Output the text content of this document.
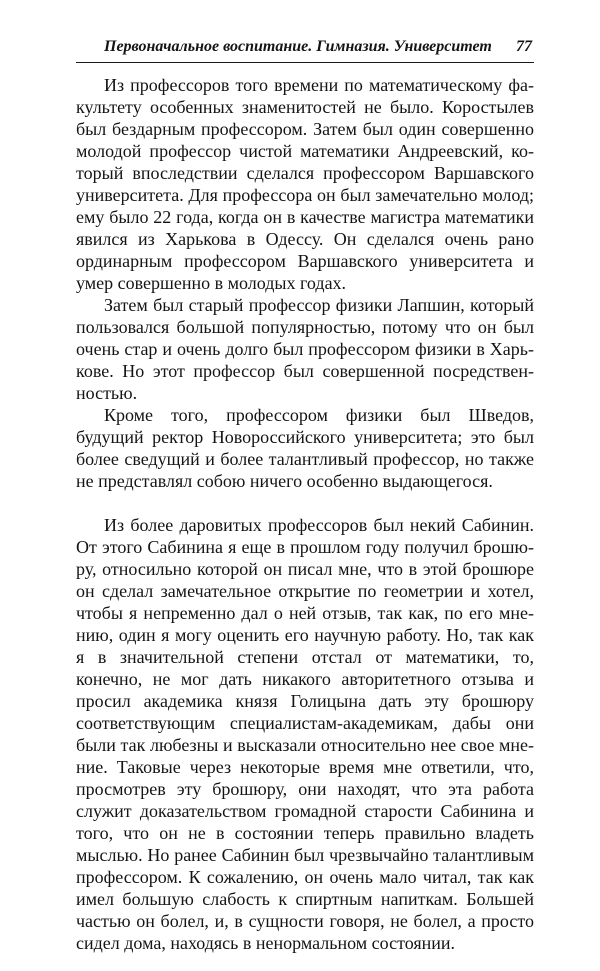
Первоначальное воспитание. Гимназия. Университет 77

Из профессоров того времени по математическому факультету особенных знаменитостей не было. Коростылев был бездарным профессором. Затем был один совершенно молодой профессор чистой математики Андреевский, который впоследствии сделался профессором Варшавского университета. Для профессора он был замечательно молод; ему было 22 года, когда он в качестве магистра математики явился из Харькова в Одессу. Он сделался очень рано ординарным профессором Варшавского университета и умер совершенно в молодых годах.

Затем был старый профессор физики Лапшин, который пользовался большой популярностью, потому что он был очень стар и очень долго был профессором физики в Харькове. Но этот профессор был совершенной посредственностью.

Кроме того, профессором физики был Шведов, будущий ректор Новороссийского университета; это был более сведущий и более талантливый профессор, но также не представлял собою ничего особенно выдающегося.

Из более даровитых профессоров был некий Сабинин. От этого Сабинина я еще в прошлом году получил брошюру, относильно которой он писал мне, что в этой брошюре он сделал замечательное открытие по геометрии и хотел, чтобы я непременно дал о ней отзыв, так как, по его мнению, один я могу оценить его научную работу. Но, так как я в значительной степени отстал от математики, то, конечно, не мог дать никакого авторитетного отзыва и просил академика князя Голицына дать эту брошюру соответствующим специалистам-академикам, дабы они были так любезны и высказали относительно нее свое мнение. Таковые через некоторые время мне ответили, что, просмотрев эту брошюру, они находят, что эта работа служит доказательством громадной старости Сабинина и того, что он не в состоянии теперь правильно владеть мыслью. Но ранее Сабинин был чрезвычайно талантливым профессором. К сожалению, он очень мало читал, так как имел большую слабость к спиртным напиткам. Большей частью он болел, и, в сущности говоря, не болел, а просто сидел дома, находясь в ненормальном состоянии.
